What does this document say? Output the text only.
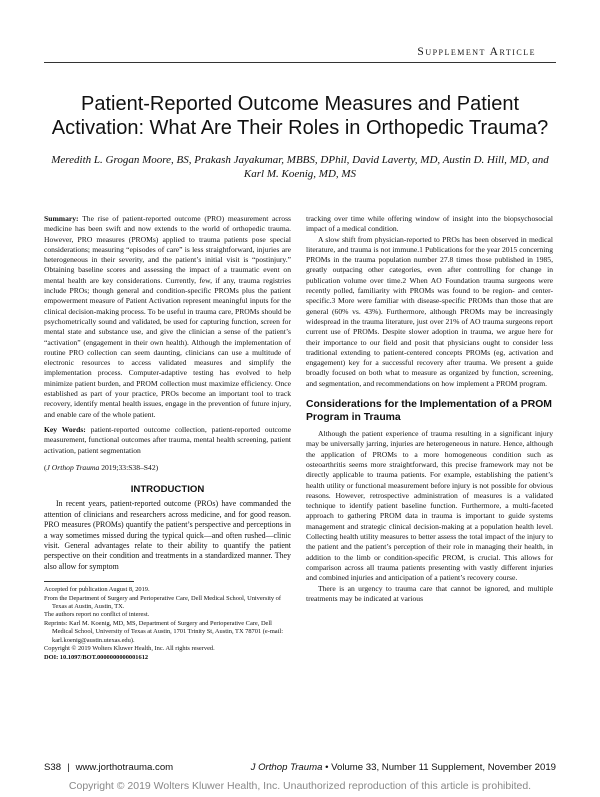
Supplement Article
Patient-Reported Outcome Measures and Patient Activation: What Are Their Roles in Orthopedic Trauma?
Meredith L. Grogan Moore, BS, Prakash Jayakumar, MBBS, DPhil, David Laverty, MD, Austin D. Hill, MD, and Karl M. Koenig, MD, MS

Summary: The rise of patient-reported outcome (PRO) measurement across medicine has been swift and now extends to the world of orthopedic trauma. However, PRO measures (PROMs) applied to trauma patients pose special considerations; measuring “episodes of care” is less straightforward, injuries are heterogeneous in their severity, and the patient’s initial visit is “postinjury.” Obtaining baseline scores and assessing the impact of a traumatic event on mental health are key considerations. Currently, few, if any, trauma registries include PROs; though general and condition-specific PROMs plus the patient empowerment measure of Patient Activation represent meaningful inputs for the clinical decision-making process. To be useful in trauma care, PROMs should be psychometrically sound and validated, be used for capturing function, screen for mental state and substance use, and give the clinician a sense of the patient’s “activation” (engagement in their own health). Although the implementation of routine PRO collection can seem daunting, clinicians can use a multitude of electronic resources to access validated measures and simplify the implementation process. Computer-adaptive testing has evolved to help minimize patient burden, and PROM collection must maximize efficiency. Once established as part of your practice, PROs become an important tool to track recovery, identify mental health issues, engage in the prevention of future injury, and enable care of the whole patient.

Key Words: patient-reported outcome collection, patient-reported outcome measurement, functional outcomes after trauma, mental health screening, patient activation, patient segmentation

(J Orthop Trauma 2019;33:S38–S42)

INTRODUCTION

In recent years, patient-reported outcome (PROs) have commanded the attention of clinicians and researchers across medicine, and for good reason. PRO measures (PROMs) quantify the patient’s perspective and perceptions in a way sometimes missed during the typical quick—and often rushed—clinic visit. General advantages relate to their ability to quantify the patient perspective on their condition and treatments in a standardized manner. They also allow for symptom

Accepted for publication August 8, 2019.

From the Department of Surgery and Perioperative Care, Dell Medical School, University of Texas at Austin, Austin, TX.

The authors report no conflict of interest.

Reprints: Karl M. Koenig, MD, MS, Department of Surgery and Perioperative Care, Dell Medical School, University of Texas at Austin, 1701 Trinity St, Austin, TX 78701 (e-mail: karl.koenig@austin.utexas.edu).

Copyright © 2019 Wolters Kluwer Health, Inc. All rights reserved.

DOI: 10.1097/BOT.0000000000001612

tracking over time while offering window of insight into the biopsychosocial impact of a medical condition.

A slow shift from physician-reported to PROs has been observed in medical literature, and trauma is not immune.1 Publications for the year 2015 concerning PROMs in the trauma population number 27.8 times those published in 1985, greatly outpacing other categories, even after controlling for change in publication volume over time.2 When AO Foundation trauma surgeons were recently polled, familiarity with PROMs was found to be region- and center-specific.3 More were familiar with disease-specific PROMs than those that are general (60% vs. 43%). Furthermore, although PROMs may be increasingly widespread in the trauma literature, just over 21% of AO trauma surgeons report current use of PROMs. Despite slower adoption in trauma, we argue here for their importance to our field and posit that physicians ought to consider less traditional extending to patient-centered concepts PROMs (eg, activation and engagement) key for a successful recovery after trauma. We present a guide broadly focused on both what to measure as organized by function, screening, and segmentation, and recommendations on how implement a PROM program.

Considerations for the Implementation of a PROM Program in Trauma

Although the patient experience of trauma resulting in a significant injury may be universally jarring, injuries are heterogeneous in nature. Hence, although the application of PROMs to a more homogeneous condition such as osteoarthritis seems more straightforward, this precise framework may not be directly applicable to trauma patients. For example, establishing the patient’s health utility or functional measurement before injury is not possible for obvious reasons. However, retrospective administration of measures is a validated technique to identify patient baseline function. Furthermore, a multi-faceted approach to gathering PROM data in trauma is important to guide systems management and strategic clinical decision-making at a population health level. Collecting health utility measures to better assess the total impact of the injury to the patient and the patient’s perception of their role in managing their health, in addition to the limb or condition-specific PROM, is crucial. This allows for comparison across all trauma patients presenting with vastly different injuries and combined injuries and anticipation of a patient’s recovery course.

There is an urgency to trauma care that cannot be ignored, and multiple treatments may be indicated at various

S38 | www.jorthotrauma.com	J Orthop Trauma • Volume 33, Number 11 Supplement, November 2019
Copyright © 2019 Wolters Kluwer Health, Inc. Unauthorized reproduction of this article is prohibited.
